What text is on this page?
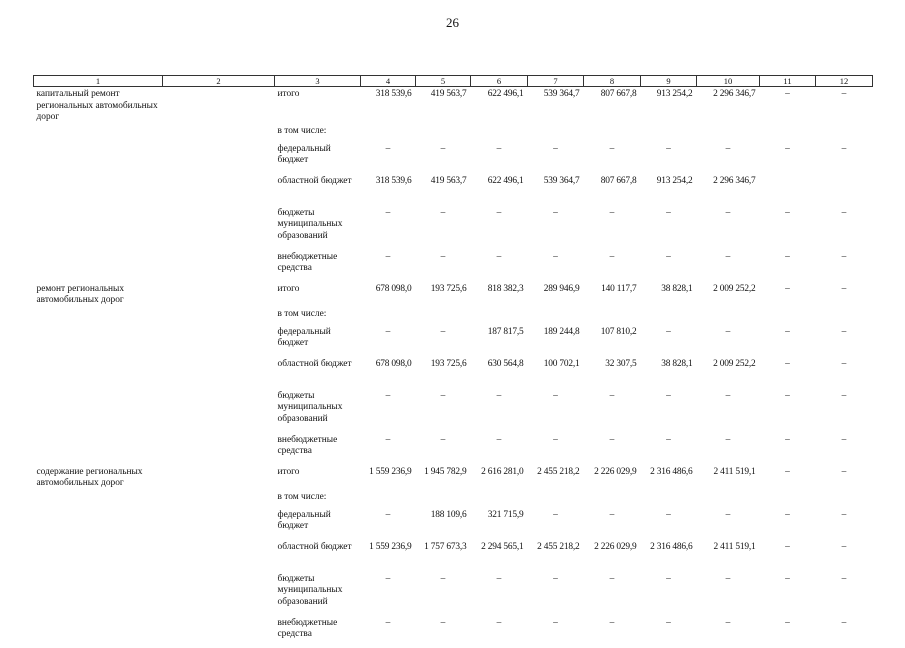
26
1	2	3	4	5	6	7	8	9	10	11	12
капитальный ремонт региональных автомобильных дорог		итого	318 539,6	419 563,7	622 496,1	539 364,7	807 667,8	913 254,2	2 296 346,7	–	–
		в том числе:									
		федеральный бюджет	–	–	–	–	–	–	–	–	–
		областной бюджет	318 539,6	419 563,7	622 496,1	539 364,7	807 667,8	913 254,2	2 296 346,7		
		бюджеты муниципальных образований	–	–	–	–	–	–	–	–	–
		внебюджетные средства	–	–	–	–	–	–	–	–	–
ремонт региональных автомобильных дорог		итого	678 098,0	193 725,6	818 382,3	289 946,9	140 117,7	38 828,1	2 009 252,2	–	–
		в том числе:									
		федеральный бюджет	–	–	187 817,5	189 244,8	107 810,2	–	–	–	–
		областной бюджет	678 098,0	193 725,6	630 564,8	100 702,1	32 307,5	38 828,1	2 009 252,2	–	–
		бюджеты муниципальных образований	–	–	–	–	–	–	–	–	–
		внебюджетные средства	–	–	–	–	–	–	–	–	–
содержание региональных автомобильных дорог		итого	1 559 236,9	1 945 782,9	2 616 281,0	2 455 218,2	2 226 029,9	2 316 486,6	2 411 519,1	–	–
		в том числе:									
		федеральный бюджет	–	188 109,6	321 715,9	–	–	–	–	–	–
		областной бюджет	1 559 236,9	1 757 673,3	2 294 565,1	2 455 218,2	2 226 029,9	2 316 486,6	2 411 519,1	–	–
		бюджеты муниципальных образований	–	–	–	–	–	–	–	–	–
		внебюджетные средства	–	–	–	–	–	–	–	–	–
